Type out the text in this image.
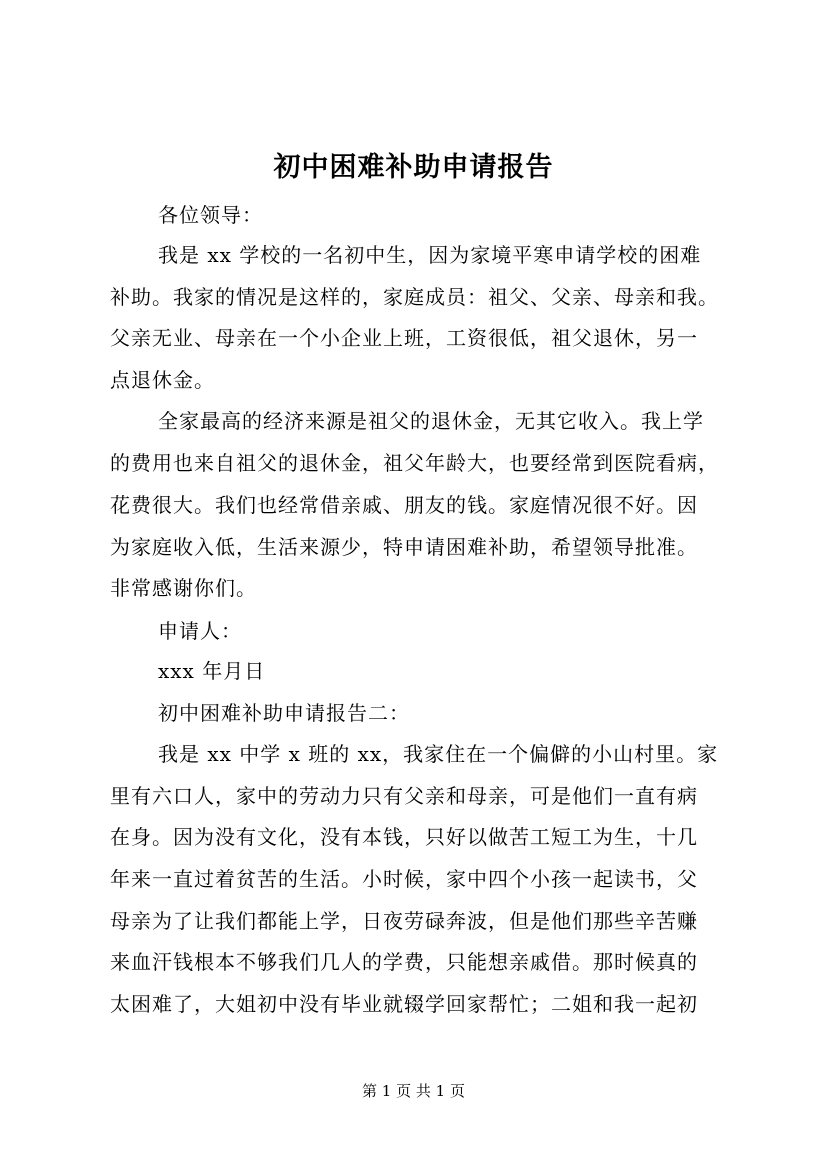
初中困难补助申请报告
各位领导：
我是 xx 学校的一名初中生，因为家境平寒申请学校的困难
补助。我家的情况是这样的，家庭成员：祖父、父亲、母亲和我。
父亲无业、母亲在一个小企业上班，工资很低，祖父退休，另一
点退休金。
全家最高的经济来源是祖父的退休金，无其它收入。我上学
的费用也来自祖父的退休金，祖父年龄大，也要经常到医院看病，
花费很大。我们也经常借亲戚、朋友的钱。家庭情况很不好。因
为家庭收入低，生活来源少，特申请困难补助，希望领导批准。
非常感谢你们。
申请人：
xxx 年月日
初中困难补助申请报告二：
我是 xx 中学 x 班的 xx，我家住在一个偏僻的小山村里。家
里有六口人，家中的劳动力只有父亲和母亲，可是他们一直有病
在身。因为没有文化，没有本钱，只好以做苦工短工为生，十几
年来一直过着贫苦的生活。小时候，家中四个小孩一起读书，父
母亲为了让我们都能上学，日夜劳碌奔波，但是他们那些辛苦赚
来血汗钱根本不够我们几人的学费，只能想亲戚借。那时候真的
太困难了，大姐初中没有毕业就辍学回家帮忙；二姐和我一起初
第 1 页 共 1 页
